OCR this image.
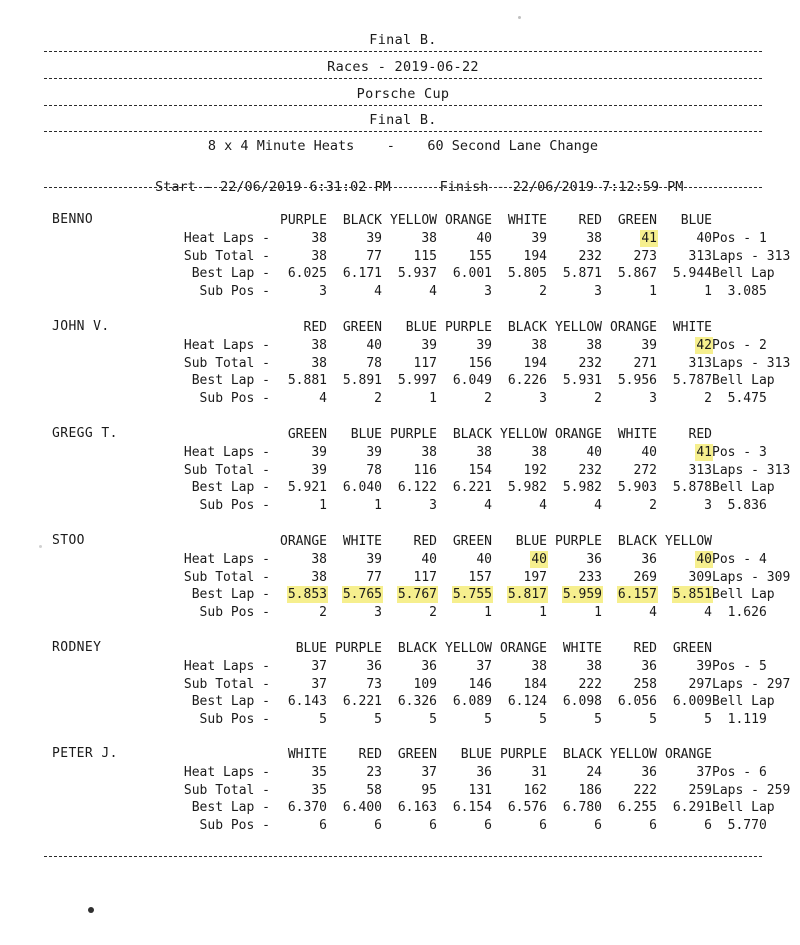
Final B.
Races - 2019-06-22
Porsche Cup
Final B.
8 x 4 Minute Heats    -    60 Second Lane Change

Start - 22/06/2019 6:31:02 PM	Finish - 22/06/2019 7:12:59 PM

BENNO
		PURPLE	BLACK	YELLOW	ORANGE	WHITE	RED	GREEN	BLUE	
Heat Laps -	38	39	38	40	39	38	41	40	Pos - 1
Sub Total -	38	77	115	155	194	232	273	313	Laps - 313
Best Lap -	6.025	6.171	5.937	6.001	5.805	5.871	5.867	5.944	Bell Lap
Sub Pos -	3	4	4	3	2	3	1	1	3.085
JOHN V.
		RED	GREEN	BLUE	PURPLE	BLACK	YELLOW	ORANGE	WHITE	
Heat Laps -	38	40	39	39	38	38	39	42	Pos - 2
Sub Total -	38	78	117	156	194	232	271	313	Laps - 313
Best Lap -	5.881	5.891	5.997	6.049	6.226	5.931	5.956	5.787	Bell Lap
Sub Pos -	4	2	1	2	3	2	3	2	5.475
GREGG T.
		GREEN	BLUE	PURPLE	BLACK	YELLOW	ORANGE	WHITE	RED	
Heat Laps -	39	39	38	38	38	40	40	41	Pos - 3
Sub Total -	39	78	116	154	192	232	272	313	Laps - 313
Best Lap -	5.921	6.040	6.122	6.221	5.982	5.982	5.903	5.878	Bell Lap
Sub Pos -	1	1	3	4	4	4	2	3	5.836
STOO
		ORANGE	WHITE	RED	GREEN	BLUE	PURPLE	BLACK	YELLOW	
Heat Laps -	38	39	40	40	40	36	36	40	Pos - 4
Sub Total -	38	77	117	157	197	233	269	309	Laps - 309
Best Lap -	5.853	5.765	5.767	5.755	5.817	5.959	6.157	5.851	Bell Lap
Sub Pos -	2	3	2	1	1	1	4	4	1.626
RODNEY
		BLUE	PURPLE	BLACK	YELLOW	ORANGE	WHITE	RED	GREEN	
Heat Laps -	37	36	36	37	38	38	36	39	Pos - 5
Sub Total -	37	73	109	146	184	222	258	297	Laps - 297
Best Lap -	6.143	6.221	6.326	6.089	6.124	6.098	6.056	6.009	Bell Lap
Sub Pos -	5	5	5	5	5	5	5	5	1.119
PETER J.
		WHITE	RED	GREEN	BLUE	PURPLE	BLACK	YELLOW	ORANGE	
Heat Laps -	35	23	37	36	31	24	36	37	Pos - 6
Sub Total -	35	58	95	131	162	186	222	259	Laps - 259
Best Lap -	6.370	6.400	6.163	6.154	6.576	6.780	6.255	6.291	Bell Lap
Sub Pos -	6	6	6	6	6	6	6	6	5.770
